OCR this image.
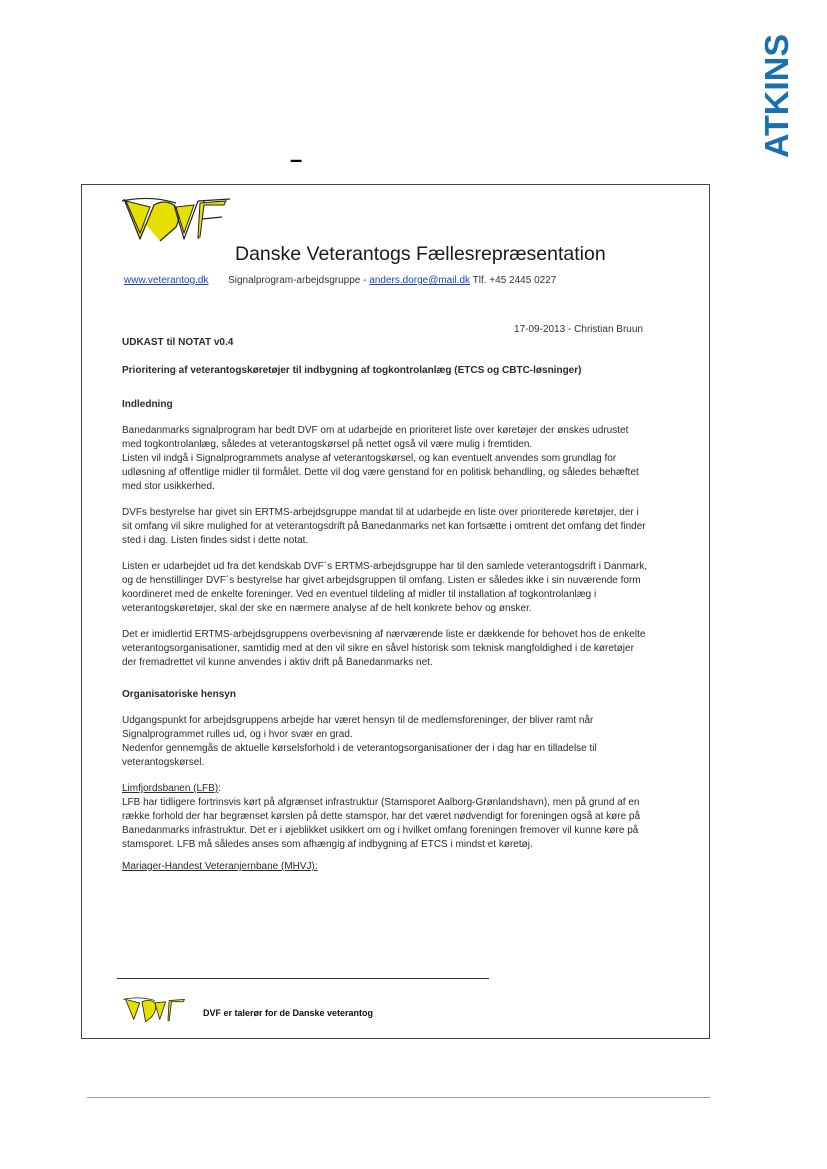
ATKINS
–
Danske Veterantogs Fællesrepræsentation
www.veterantog.dk Signalprogram-arbejdsgruppe - anders.dorge@mail.dk Tlf. +45 2445 0227
17-09-2013 - Christian Bruun

UDKAST til NOTAT v0.4

Prioritering af veterantogskøretøjer til indbygning af togkontrolanlæg (ETCS og CBTC-løsninger)

Indledning

Banedanmarks signalprogram har bedt DVF om at udarbejde en prioriteret liste over køretøjer der ønskes udrustet med togkontrolanlæg, således at veterantogskørsel på nettet også vil være mulig i fremtiden.

Listen vil indgå i Signalprogrammets analyse af veterantogskørsel, og kan eventuelt anvendes som grundlag for udløsning af offentlige midler til formålet. Dette vil dog være genstand for en politisk behandling, og således behæftet med stor usikkerhed.

DVFs bestyrelse har givet sin ERTMS-arbejdsgruppe mandat til at udarbejde en liste over prioriterede køretøjer, der i sit omfang vil sikre mulighed for at veterantogsdrift på Banedanmarks net kan fortsætte i omtrent det omfang det finder sted i dag. Listen findes sidst i dette notat.

Listen er udarbejdet ud fra det kendskab DVF´s ERTMS-arbejdsgruppe har til den samlede veterantogsdrift i Danmark, og de henstillinger DVF´s bestyrelse har givet arbejdsgruppen til omfang. Listen er således ikke i sin nuværende form koordineret med de enkelte foreninger. Ved en eventuel tildeling af midler til installation af togkontrolanlæg i veterantogskøretøjer, skal der ske en nærmere analyse af de helt konkrete behov og ønsker.

Det er imidlertid ERTMS-arbejdsgruppens overbevisning af nærværende liste er dækkende for behovet hos de enkelte veterantogsorganisationer, samtidig med at den vil sikre en såvel historisk som teknisk mangfoldighed i de køretøjer der fremadrettet vil kunne anvendes i aktiv drift på Banedanmarks net.

Organisatoriske hensyn

Udgangspunkt for arbejdsgruppens arbejde har været hensyn til de medlemsforeninger, der bliver ramt når Signalprogrammet rulles ud, og i hvor svær en grad.

Nedenfor gennemgås de aktuelle kørselsforhold i de veterantogsorganisationer der i dag har en tilladelse til veterantogskørsel.

Limfjordsbanen (LFB):

LFB har tidligere fortrinsvis kørt på afgrænset infrastruktur (Stamsporet Aalborg-Grønlandshavn), men på grund af en række forhold der har begrænset kørslen på dette stamspor, har det været nødvendigt for foreningen også at køre på Banedanmarks infrastruktur. Det er i øjeblikket usikkert om og i hvilket omfang foreningen fremover vil kunne køre på stamsporet. LFB må således anses som afhængig af indbygning af ETCS i mindst et køretøj.

Mariager-Handest Veteranjernbane (MHVJ):

DVF er talerør for de Danske veterantog
